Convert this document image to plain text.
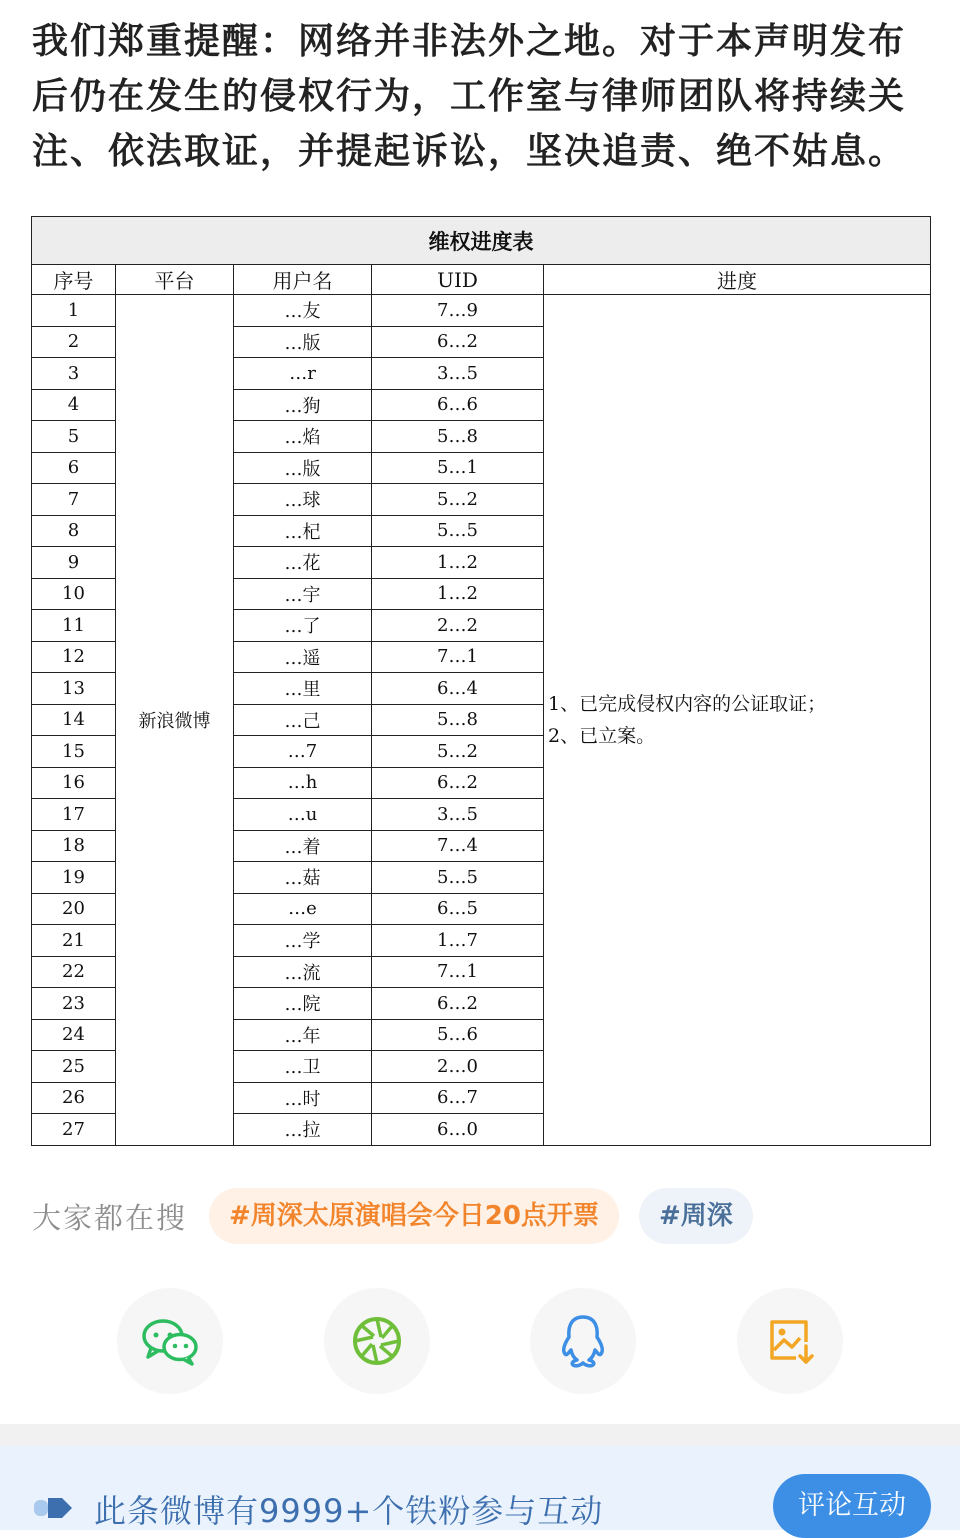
我们郑重提醒：网络并非法外之地。对于本声明发布后仍在发生的侵权行为，工作室与律师团队将持续关注、依法取证，并提起诉讼，坚决追责、绝不姑息。
维权进度表				
序号	平台	用户名	UID	进度
1	新浪微博	…友	7…9	1、已完成侵权内容的公证取证；
2、已立案。

2		…版	6…2	
3		…r	3…5	
4		…狗	6…6	
5		…焰	5…8	
6		…版	5…1	
7		…球	5…2	
8		…杞	5…5	
9		…花	1…2	
10		…宇	1…2	
11		…了	2…2	
12		…遥	7…1	
13		…里	6…4	
14		…己	5…8	
15		…7	5…2	
16		…h	6…2	
17		…u	3…5	
18		…着	7…4	
19		…菇	5…5	
20		…e	6…5	
21		…学	1…7	
22		…流	7…1	
23		…院	6…2	
24		…年	5…6	
25		…卫	2…0	
26		…时	6…7	
27		…拉	6…0	
大家都在搜	#周深太原演唱会今日20点开票	#周深
此条微博有9999+个铁粉参与互动	评论互动
